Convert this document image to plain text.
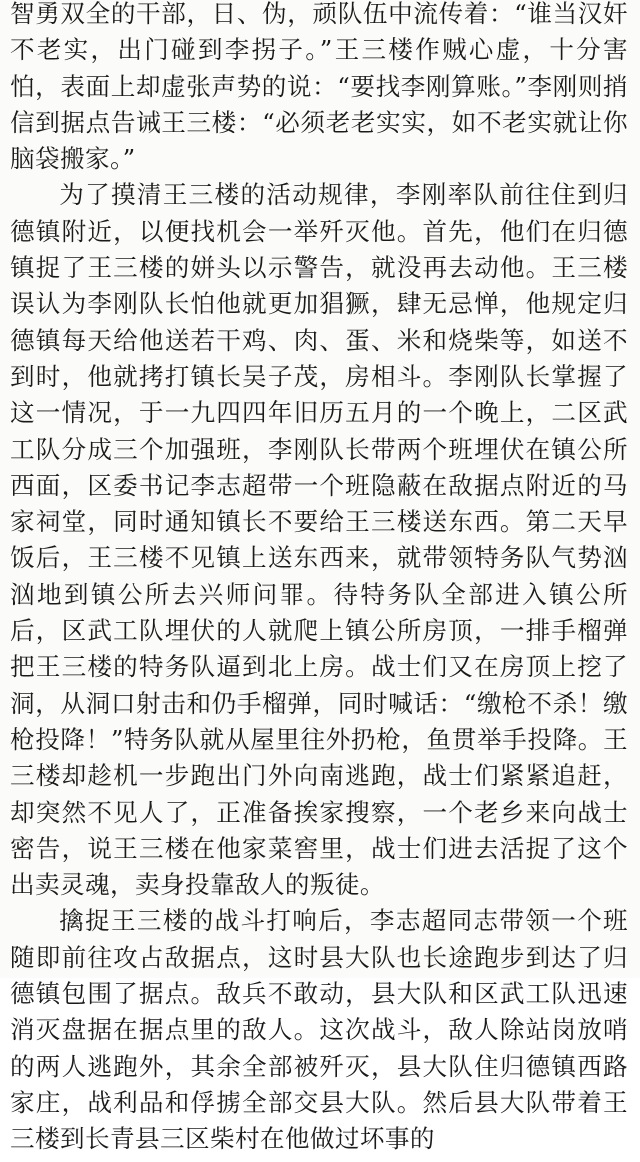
智勇双全的干部，日、伪，顽队伍中流传着：“谁当汉奸不老实，出门碰到李拐子。”王三楼作贼心虚，十分害怕，表面上却虚张声势的说：“要找李刚算账。”李刚则捎信到据点告诫王三楼：“必须老老实实，如不老实就让你脑袋搬家。”

为了摸清王三楼的活动规律，李刚率队前往住到归德镇附近，以便找机会一举歼灭他。首先，他们在归德镇捉了王三楼的姘头以示警告，就没再去动他。王三楼误认为李刚队长怕他就更加猖獗，肆无忌惮，他规定归德镇每天给他送若干鸡、肉、蛋、米和烧柴等，如送不到时，他就拷打镇长吴子茂，房相斗。李刚队长掌握了这一情况，于一九四四年旧历五月的一个晚上，二区武工队分成三个加强班，李刚队长带两个班埋伏在镇公所西面，区委书记李志超带一个班隐蔽在敌据点附近的马家祠堂，同时通知镇长不要给王三楼送东西。第二天早饭后，王三楼不见镇上送东西来，就带领特务队气势汹汹地到镇公所去兴师问罪。待特务队全部进入镇公所后，区武工队埋伏的人就爬上镇公所房顶，一排手榴弹把王三楼的特务队逼到北上房。战士们又在房顶上挖了洞，从洞口射击和仍手榴弹，同时喊话：“缴枪不杀！缴枪投降！”特务队就从屋里往外扔枪，鱼贯举手投降。王三楼却趁机一步跑出门外向南逃跑，战士们紧紧追赶，却突然不见人了，正准备挨家搜察，一个老乡来向战士密告，说王三楼在他家菜窖里，战士们进去活捉了这个出卖灵魂，卖身投靠敌人的叛徒。

擒捉王三楼的战斗打响后，李志超同志带领一个班随即前往攻占敌据点，这时县大队也长途跑步到达了归德镇包围了据点。敌兵不敢动，县大队和区武工队迅速消灭盘据在据点里的敌人。这次战斗，敌人除站岗放哨的两人逃跑外，其余全部被歼灭，县大队住归德镇西路家庄，战利品和俘掳全部交县大队。然后县大队带着王三楼到长青县三区柴村在他做过坏事的
